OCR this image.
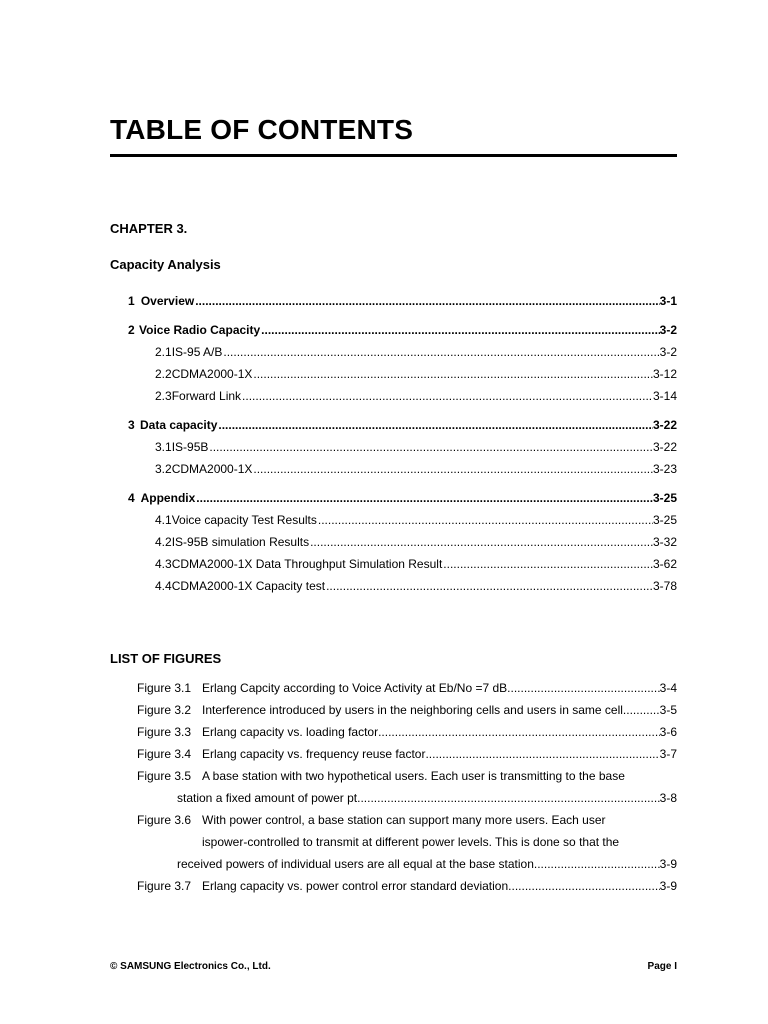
TABLE OF CONTENTS

CHAPTER 3.

Capacity Analysis

1 Overview .....	3-1
2 Voice Radio Capacity .....	3-2
2.1 IS-95 A/B .....	3-2
2.2 CDMA2000-1X .....	3-12
2.3 Forward Link .....	3-14
3 Data capacity .....	3-22
3.1 IS-95B .....	3-22
3.2 CDMA2000-1X .....	3-23
4 Appendix .....	3-25
4.1 Voice capacity Test Results .....	3-25
4.2 IS-95B simulation Results .....	3-32
4.3 CDMA2000-1X Data Throughput Simulation Result .....	3-62
4.4 CDMA2000-1X Capacity test .....	3-78

LIST OF FIGURES

Figure 3.1 Erlang Capcity according to Voice Activity at Eb/No =7 dB .....	3-4
Figure 3.2 Interference introduced by users in the neighboring cells and users in same cell .....	3-5
Figure 3.3 Erlang capacity vs. loading factor .....	3-6
Figure 3.4 Erlang capacity vs. frequency reuse factor .....	3-7
Figure 3.5 A base station with two hypothetical users. Each user is transmitting to the base
station a fixed amount of power pt .....	3-8
Figure 3.6 With power control, a base station can support many more users. Each user
ispower-controlled to transmit at different power levels. This is done so that the
received powers of individual users are all equal at the base station .....	3-9
Figure 3.7 Erlang capacity vs. power control error standard deviation .....	3-9
© SAMSUNG Electronics Co., Ltd.	Page I
